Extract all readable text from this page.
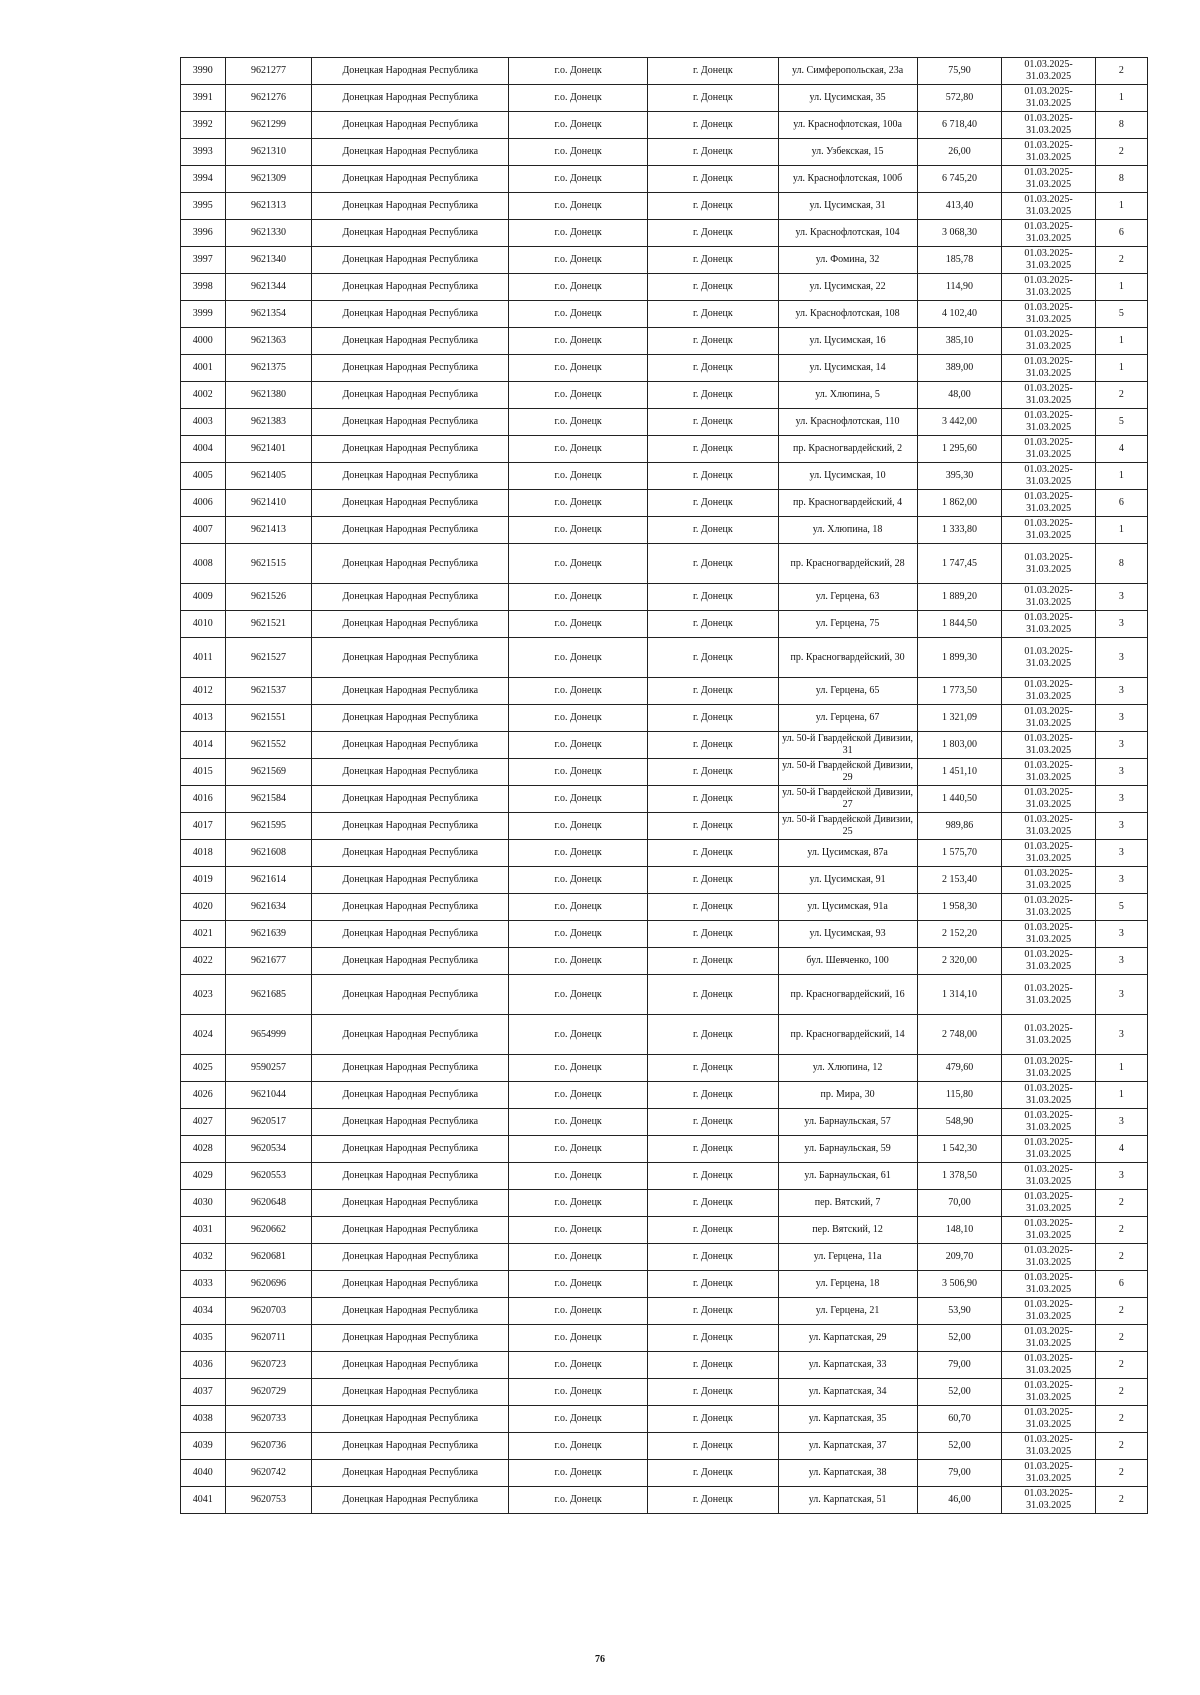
3990	9621277	Донецкая Народная Республика	г.о. Донецк	г. Донецк	ул. Симферопольская, 23а	75,90	01.03.2025- 31.03.2025	2
3991	9621276	Донецкая Народная Республика	г.о. Донецк	г. Донецк	ул. Цусимская, 35	572,80	01.03.2025- 31.03.2025	1
3992	9621299	Донецкая Народная Республика	г.о. Донецк	г. Донецк	ул. Краснофлотская, 100а	6 718,40	01.03.2025- 31.03.2025	8
3993	9621310	Донецкая Народная Республика	г.о. Донецк	г. Донецк	ул. Узбекская, 15	26,00	01.03.2025- 31.03.2025	2
3994	9621309	Донецкая Народная Республика	г.о. Донецк	г. Донецк	ул. Краснофлотская, 100б	6 745,20	01.03.2025- 31.03.2025	8
3995	9621313	Донецкая Народная Республика	г.о. Донецк	г. Донецк	ул. Цусимская, 31	413,40	01.03.2025- 31.03.2025	1
3996	9621330	Донецкая Народная Республика	г.о. Донецк	г. Донецк	ул. Краснофлотская, 104	3 068,30	01.03.2025- 31.03.2025	6
3997	9621340	Донецкая Народная Республика	г.о. Донецк	г. Донецк	ул. Фомина, 32	185,78	01.03.2025- 31.03.2025	2
3998	9621344	Донецкая Народная Республика	г.о. Донецк	г. Донецк	ул. Цусимская, 22	114,90	01.03.2025- 31.03.2025	1
3999	9621354	Донецкая Народная Республика	г.о. Донецк	г. Донецк	ул. Краснофлотская, 108	4 102,40	01.03.2025- 31.03.2025	5
4000	9621363	Донецкая Народная Республика	г.о. Донецк	г. Донецк	ул. Цусимская, 16	385,10	01.03.2025- 31.03.2025	1
4001	9621375	Донецкая Народная Республика	г.о. Донецк	г. Донецк	ул. Цусимская, 14	389,00	01.03.2025- 31.03.2025	1
4002	9621380	Донецкая Народная Республика	г.о. Донецк	г. Донецк	ул. Хлюпина, 5	48,00	01.03.2025- 31.03.2025	2
4003	9621383	Донецкая Народная Республика	г.о. Донецк	г. Донецк	ул. Краснофлотская, 110	3 442,00	01.03.2025- 31.03.2025	5
4004	9621401	Донецкая Народная Республика	г.о. Донецк	г. Донецк	пр. Красногвардейский, 2	1 295,60	01.03.2025- 31.03.2025	4
4005	9621405	Донецкая Народная Республика	г.о. Донецк	г. Донецк	ул. Цусимская, 10	395,30	01.03.2025- 31.03.2025	1
4006	9621410	Донецкая Народная Республика	г.о. Донецк	г. Донецк	пр. Красногвардейский, 4	1 862,00	01.03.2025- 31.03.2025	6
4007	9621413	Донецкая Народная Республика	г.о. Донецк	г. Донецк	ул. Хлюпина, 18	1 333,80	01.03.2025- 31.03.2025	1
4008	9621515	Донецкая Народная Республика	г.о. Донецк	г. Донецк	пр. Красногвардейский, 28	1 747,45	01.03.2025- 31.03.2025	8
4009	9621526	Донецкая Народная Республика	г.о. Донецк	г. Донецк	ул. Герцена, 63	1 889,20	01.03.2025- 31.03.2025	3
4010	9621521	Донецкая Народная Республика	г.о. Донецк	г. Донецк	ул. Герцена, 75	1 844,50	01.03.2025- 31.03.2025	3
4011	9621527	Донецкая Народная Республика	г.о. Донецк	г. Донецк	пр. Красногвардейский, 30	1 899,30	01.03.2025- 31.03.2025	3
4012	9621537	Донецкая Народная Республика	г.о. Донецк	г. Донецк	ул. Герцена, 65	1 773,50	01.03.2025- 31.03.2025	3
4013	9621551	Донецкая Народная Республика	г.о. Донецк	г. Донецк	ул. Герцена, 67	1 321,09	01.03.2025- 31.03.2025	3
4014	9621552	Донецкая Народная Республика	г.о. Донецк	г. Донецк	ул. 50-й Гвардейской Дивизии, 31	1 803,00	01.03.2025- 31.03.2025	3
4015	9621569	Донецкая Народная Республика	г.о. Донецк	г. Донецк	ул. 50-й Гвардейской Дивизии, 29	1 451,10	01.03.2025- 31.03.2025	3
4016	9621584	Донецкая Народная Республика	г.о. Донецк	г. Донецк	ул. 50-й Гвардейской Дивизии, 27	1 440,50	01.03.2025- 31.03.2025	3
4017	9621595	Донецкая Народная Республика	г.о. Донецк	г. Донецк	ул. 50-й Гвардейской Дивизии, 25	989,86	01.03.2025- 31.03.2025	3
4018	9621608	Донецкая Народная Республика	г.о. Донецк	г. Донецк	ул. Цусимская, 87а	1 575,70	01.03.2025- 31.03.2025	3
4019	9621614	Донецкая Народная Республика	г.о. Донецк	г. Донецк	ул. Цусимская, 91	2 153,40	01.03.2025- 31.03.2025	3
4020	9621634	Донецкая Народная Республика	г.о. Донецк	г. Донецк	ул. Цусимская, 91а	1 958,30	01.03.2025- 31.03.2025	5
4021	9621639	Донецкая Народная Республика	г.о. Донецк	г. Донецк	ул. Цусимская, 93	2 152,20	01.03.2025- 31.03.2025	3
4022	9621677	Донецкая Народная Республика	г.о. Донецк	г. Донецк	бул. Шевченко, 100	2 320,00	01.03.2025- 31.03.2025	3
4023	9621685	Донецкая Народная Республика	г.о. Донецк	г. Донецк	пр. Красногвардейский, 16	1 314,10	01.03.2025- 31.03.2025	3
4024	9654999	Донецкая Народная Республика	г.о. Донецк	г. Донецк	пр. Красногвардейский, 14	2 748,00	01.03.2025- 31.03.2025	3
4025	9590257	Донецкая Народная Республика	г.о. Донецк	г. Донецк	ул. Хлюпина, 12	479,60	01.03.2025- 31.03.2025	1
4026	9621044	Донецкая Народная Республика	г.о. Донецк	г. Донецк	пр. Мира, 30	115,80	01.03.2025- 31.03.2025	1
4027	9620517	Донецкая Народная Республика	г.о. Донецк	г. Донецк	ул. Барнаульская, 57	548,90	01.03.2025- 31.03.2025	3
4028	9620534	Донецкая Народная Республика	г.о. Донецк	г. Донецк	ул. Барнаульская, 59	1 542,30	01.03.2025- 31.03.2025	4
4029	9620553	Донецкая Народная Республика	г.о. Донецк	г. Донецк	ул. Барнаульская, 61	1 378,50	01.03.2025- 31.03.2025	3
4030	9620648	Донецкая Народная Республика	г.о. Донецк	г. Донецк	пер. Вятский, 7	70,00	01.03.2025- 31.03.2025	2
4031	9620662	Донецкая Народная Республика	г.о. Донецк	г. Донецк	пер. Вятский, 12	148,10	01.03.2025- 31.03.2025	2
4032	9620681	Донецкая Народная Республика	г.о. Донецк	г. Донецк	ул. Герцена, 11а	209,70	01.03.2025- 31.03.2025	2
4033	9620696	Донецкая Народная Республика	г.о. Донецк	г. Донецк	ул. Герцена, 18	3 506,90	01.03.2025- 31.03.2025	6
4034	9620703	Донецкая Народная Республика	г.о. Донецк	г. Донецк	ул. Герцена, 21	53,90	01.03.2025- 31.03.2025	2
4035	9620711	Донецкая Народная Республика	г.о. Донецк	г. Донецк	ул. Карпатская, 29	52,00	01.03.2025- 31.03.2025	2
4036	9620723	Донецкая Народная Республика	г.о. Донецк	г. Донецк	ул. Карпатская, 33	79,00	01.03.2025- 31.03.2025	2
4037	9620729	Донецкая Народная Республика	г.о. Донецк	г. Донецк	ул. Карпатская, 34	52,00	01.03.2025- 31.03.2025	2
4038	9620733	Донецкая Народная Республика	г.о. Донецк	г. Донецк	ул. Карпатская, 35	60,70	01.03.2025- 31.03.2025	2
4039	9620736	Донецкая Народная Республика	г.о. Донецк	г. Донецк	ул. Карпатская, 37	52,00	01.03.2025- 31.03.2025	2
4040	9620742	Донецкая Народная Республика	г.о. Донецк	г. Донецк	ул. Карпатская, 38	79,00	01.03.2025- 31.03.2025	2
4041	9620753	Донецкая Народная Республика	г.о. Донецк	г. Донецк	ул. Карпатская, 51	46,00	01.03.2025- 31.03.2025	2
76
